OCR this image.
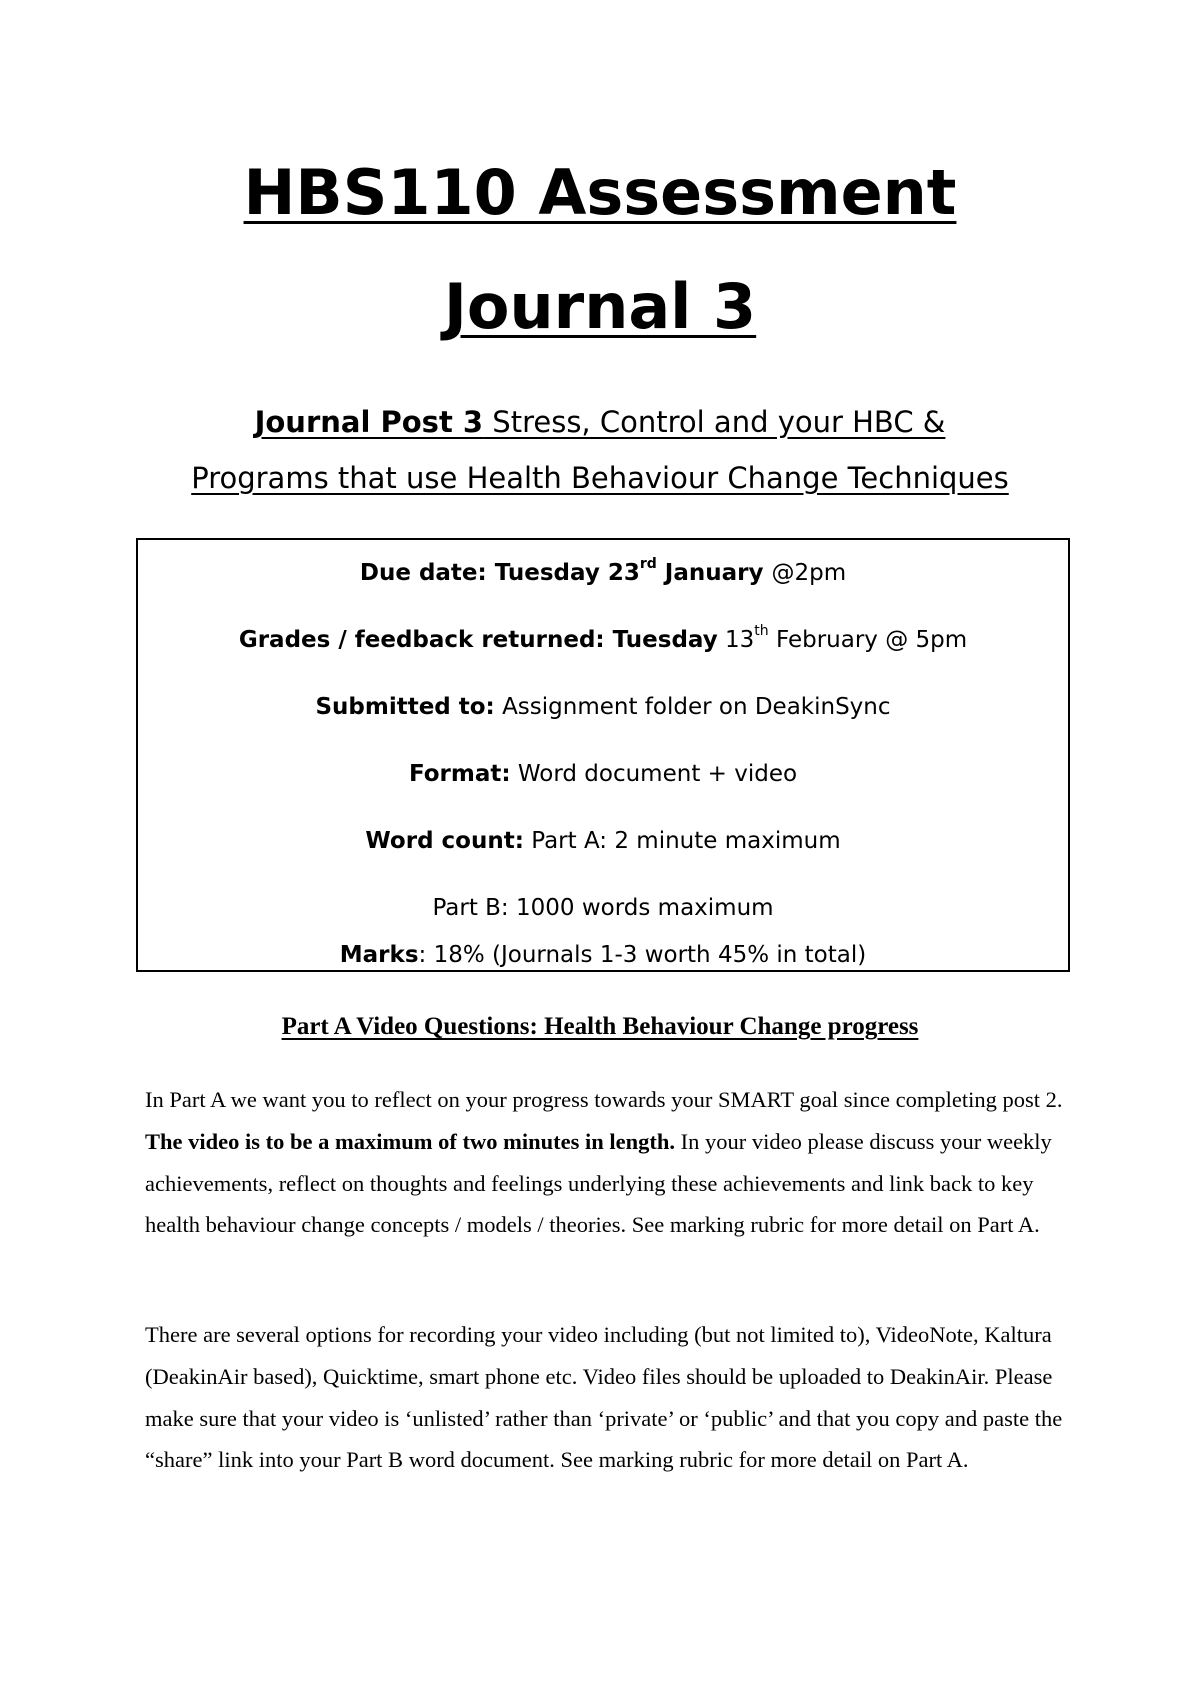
HBS110 Assessment
Journal 3

Journal Post 3 Stress, Control and your HBC &
Programs that use Health Behaviour Change Techniques

Due date: Tuesday 23rd January @2pm

Grades / feedback returned: Tuesday 13th February @ 5pm

Submitted to: Assignment folder on DeakinSync

Format: Word document + video

Word count: Part A: 2 minute maximum

Part B: 1000 words maximum

Marks: 18% (Journals 1-3 worth 45% in total)

Part A Video Questions: Health Behaviour Change progress

In Part A we want you to reflect on your progress towards your SMART goal since completing post 2. The video is to be a maximum of two minutes in length. In your video please discuss your weekly achievements, reflect on thoughts and feelings underlying these achievements and link back to key health behaviour change concepts / models / theories. See marking rubric for more detail on Part A.

There are several options for recording your video including (but not limited to), VideoNote, Kaltura (DeakinAir based), Quicktime, smart phone etc. Video files should be uploaded to DeakinAir. Please make sure that your video is ‘unlisted’ rather than ‘private’ or ‘public’ and that you copy and paste the “share” link into your Part B word document. See marking rubric for more detail on Part A.
